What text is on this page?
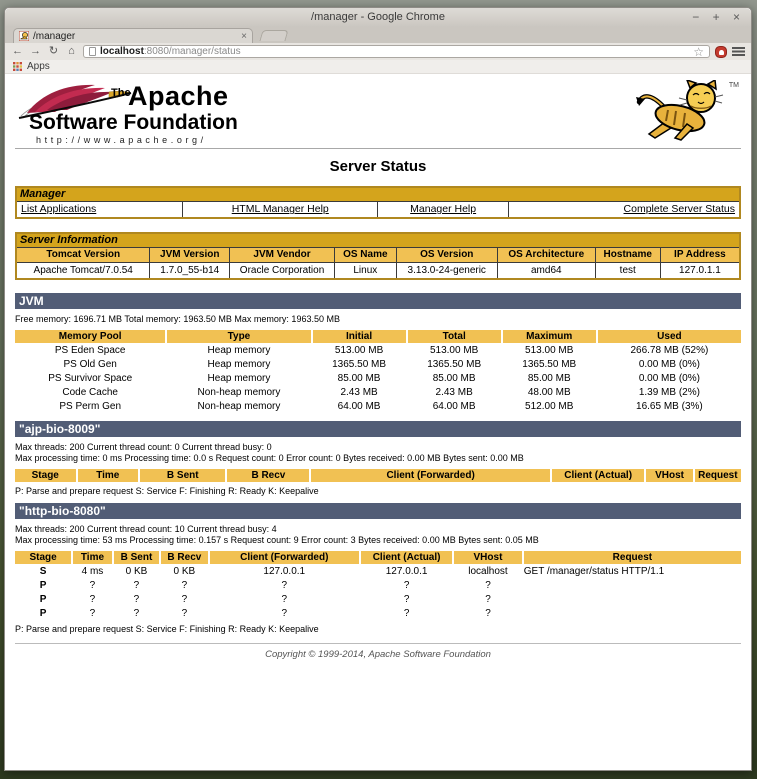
/manager - Google Chrome	− + ×
/manager	×
← → ↻ ⌂	localhost:8080/manager/status	☆
Apps
The
Apache
Software Foundation
http://www.apache.org/
TM
Server Status
Manager
List Applications	HTML Manager Help	Manager Help	Complete Server Status
Server Information							
Tomcat Version	JVM Version	JVM Vendor	OS Name	OS Version	OS Architecture	Hostname	IP Address
Apache Tomcat/7.0.54	1.7.0_55-b14	Oracle Corporation	Linux	3.13.0-24-generic	amd64	test	127.0.1.1
JVM
Free memory: 1696.71 MB Total memory: 1963.50 MB Max memory: 1963.50 MB
Memory Pool	Type	Initial	Total	Maximum	Used
PS Eden Space	Heap memory	513.00 MB	513.00 MB	513.00 MB	266.78 MB (52%)
PS Old Gen	Heap memory	1365.50 MB	1365.50 MB	1365.50 MB	0.00 MB (0%)
PS Survivor Space	Heap memory	85.00 MB	85.00 MB	85.00 MB	0.00 MB (0%)
Code Cache	Non-heap memory	2.43 MB	2.43 MB	48.00 MB	1.39 MB (2%)
PS Perm Gen	Non-heap memory	64.00 MB	64.00 MB	512.00 MB	16.65 MB (3%)
"ajp-bio-8009"
Max threads: 200 Current thread count: 0 Current thread busy: 0
Max processing time: 0 ms Processing time: 0.0 s Request count: 0 Error count: 0 Bytes received: 0.00 MB Bytes sent: 0.00 MB
Stage	Time	B Sent	B Recv	Client (Forwarded)	Client (Actual)	VHost	Request
P: Parse and prepare request S: Service F: Finishing R: Ready K: Keepalive
"http-bio-8080"
Max threads: 200 Current thread count: 10 Current thread busy: 4
Max processing time: 53 ms Processing time: 0.157 s Request count: 9 Error count: 3 Bytes received: 0.00 MB Bytes sent: 0.05 MB
Stage	Time	B Sent	B Recv	Client (Forwarded)	Client (Actual)	VHost	Request
S	4 ms	0 KB	0 KB	127.0.0.1	127.0.0.1	localhost	GET /manager/status HTTP/1.1
P	?	?	?	?	?	?	
P	?	?	?	?	?	?	
P	?	?	?	?	?	?	
P: Parse and prepare request S: Service F: Finishing R: Ready K: Keepalive
Copyright © 1999-2014, Apache Software Foundation
